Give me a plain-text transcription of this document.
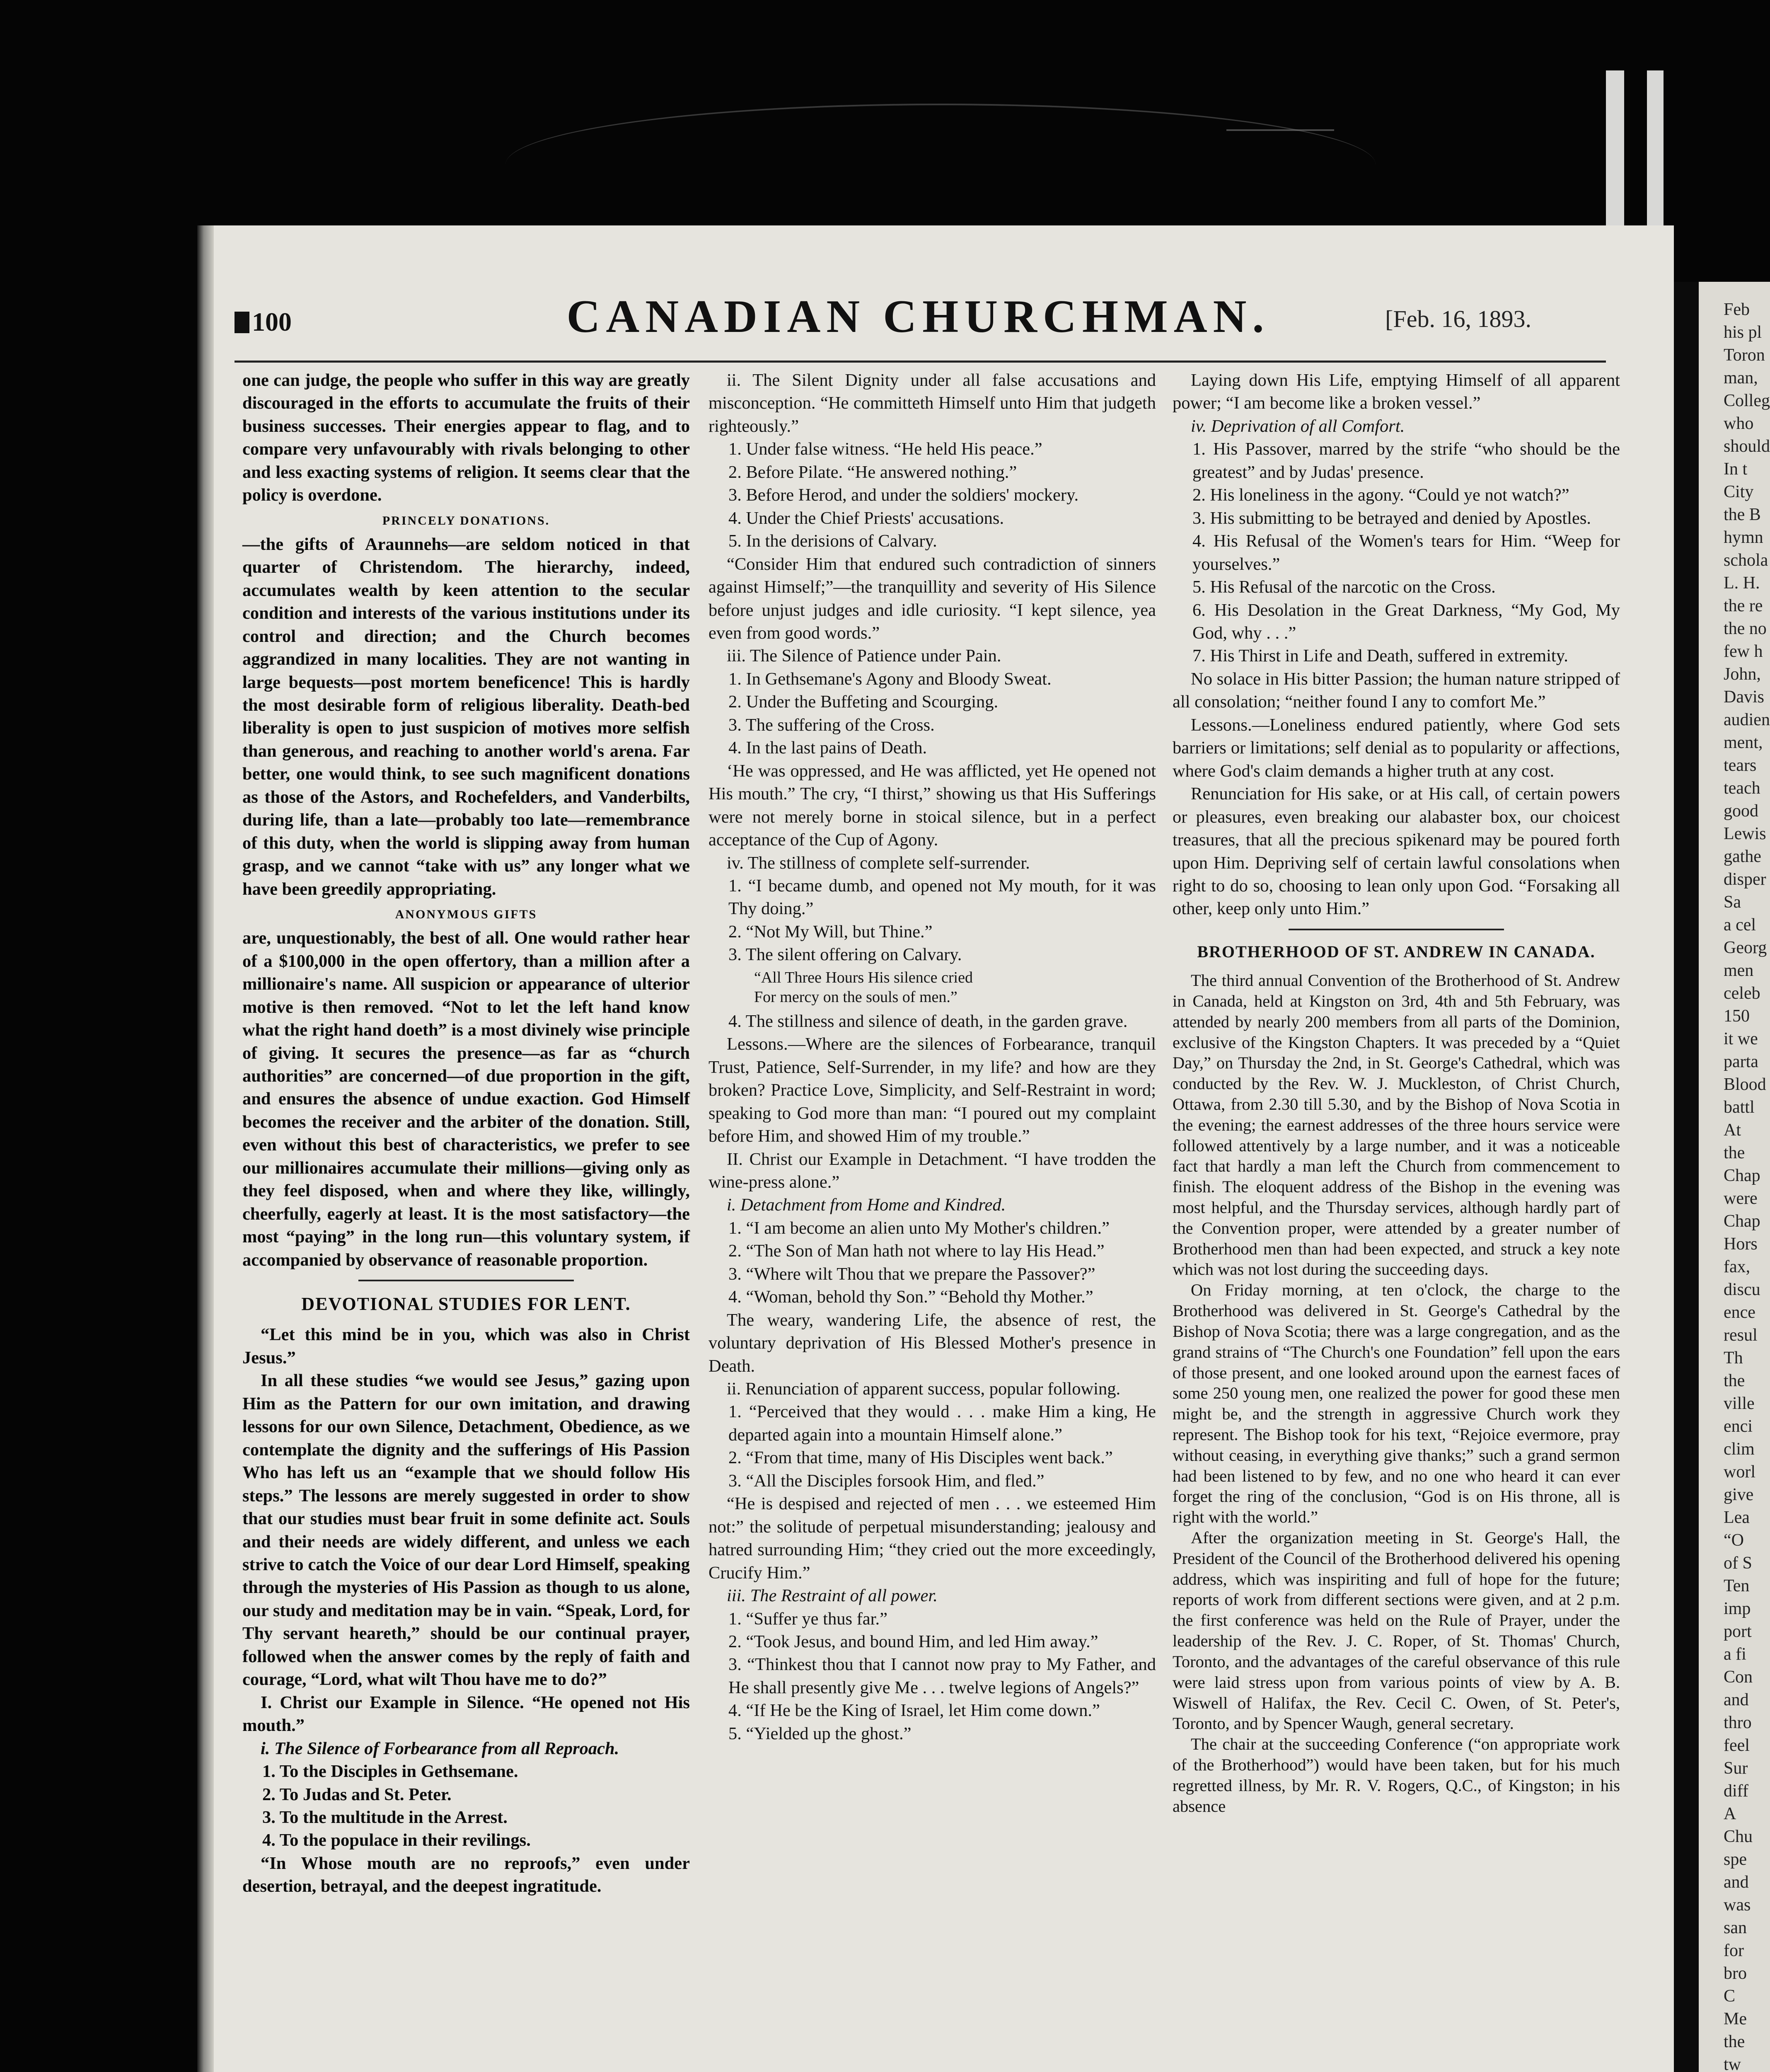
100	CANADIAN CHURCHMAN.	[Feb. 16, 1893.

one can judge, the people who suffer in this way are greatly discouraged in the efforts to accumulate the fruits of their business successes. Their energies appear to flag, and to compare very unfavourably with rivals belonging to other and less exacting systems of religion. It seems clear that the policy is overdone.

PRINCELY DONATIONS.

—the gifts of Araunnehs—are seldom noticed in that quarter of Christendom. The hierarchy, indeed, accumulates wealth by keen attention to the secular condition and interests of the various institutions under its control and direction; and the Church becomes aggrandized in many localities. They are not wanting in large bequests—post mortem beneficence! This is hardly the most desirable form of religious liberality. Death-bed liberality is open to just suspicion of motives more selfish than generous, and reaching to another world's arena. Far better, one would think, to see such magnificent donations as those of the Astors, and Rochefelders, and Vanderbilts, during life, than a late—probably too late—remembrance of this duty, when the world is slipping away from human grasp, and we cannot “take with us” any longer what we have been greedily appropriating.

ANONYMOUS GIFTS

are, unquestionably, the best of all. One would rather hear of a $100,000 in the open offertory, than a million after a millionaire's name. All suspicion or appearance of ulterior motive is then removed. “Not to let the left hand know what the right hand doeth” is a most divinely wise principle of giving. It secures the presence—as far as “church authorities” are concerned—of due proportion in the gift, and ensures the absence of undue exaction. God Himself becomes the receiver and the arbiter of the donation. Still, even without this best of characteristics, we prefer to see our millionaires accumulate their millions—giving only as they feel disposed, when and where they like, willingly, cheerfully, eagerly at least. It is the most satisfactory—the most “paying” in the long run—this voluntary system, if accompanied by observance of reasonable proportion.

DEVOTIONAL STUDIES FOR LENT.

“Let this mind be in you, which was also in Christ Jesus.”

In all these studies “we would see Jesus,” gazing upon Him as the Pattern for our own imitation, and drawing lessons for our own Silence, Detachment, Obedience, as we contemplate the dignity and the sufferings of His Passion Who has left us an “example that we should follow His steps.” The lessons are merely suggested in order to show that our studies must bear fruit in some definite act. Souls and their needs are widely different, and unless we each strive to catch the Voice of our dear Lord Himself, speaking through the mysteries of His Passion as though to us alone, our study and meditation may be in vain. “Speak, Lord, for Thy servant heareth,” should be our continual prayer, followed when the answer comes by the reply of faith and courage, “Lord, what wilt Thou have me to do?”

I. Christ our Example in Silence. “He opened not His mouth.”

i. The Silence of Forbearance from all Reproach.

1. To the Disciples in Gethsemane.

2. To Judas and St. Peter.

3. To the multitude in the Arrest.

4. To the populace in their revilings.

“In Whose mouth are no reproofs,” even under desertion, betrayal, and the deepest ingratitude.

ii. The Silent Dignity under all false accusations and misconception. “He committeth Himself unto Him that judgeth righteously.”

1. Under false witness. “He held His peace.”

2. Before Pilate. “He answered nothing.”

3. Before Herod, and under the soldiers' mockery.

4. Under the Chief Priests' accusations.

5. In the derisions of Calvary.

“Consider Him that endured such contradiction of sinners against Himself;”—the tranquillity and severity of His Silence before unjust judges and idle curiosity. “I kept silence, yea even from good words.”

iii. The Silence of Patience under Pain.

1. In Gethsemane's Agony and Bloody Sweat.

2. Under the Buffeting and Scourging.

3. The suffering of the Cross.

4. In the last pains of Death.

‘He was oppressed, and He was afflicted, yet He opened not His mouth.” The cry, “I thirst,” showing us that His Sufferings were not merely borne in stoical silence, but in a perfect acceptance of the Cup of Agony.

iv. The stillness of complete self-surrender.

1. “I became dumb, and opened not My mouth, for it was Thy doing.”

2. “Not My Will, but Thine.”

3. The silent offering on Calvary.

“All Three Hours His silence cried
For mercy on the souls of men.”

4. The stillness and silence of death, in the garden grave.

Lessons.—Where are the silences of Forbearance, tranquil Trust, Patience, Self-Surrender, in my life? and how are they broken? Practice Love, Simplicity, and Self-Restraint in word; speaking to God more than man: “I poured out my complaint before Him, and showed Him of my trouble.”

II. Christ our Example in Detachment. “I have trodden the wine-press alone.”

i. Detachment from Home and Kindred.

1. “I am become an alien unto My Mother's children.”

2. “The Son of Man hath not where to lay His Head.”

3. “Where wilt Thou that we prepare the Passover?”

4. “Woman, behold thy Son.” “Behold thy Mother.”

The weary, wandering Life, the absence of rest, the voluntary deprivation of His Blessed Mother's presence in Death.

ii. Renunciation of apparent success, popular following.

1. “Perceived that they would . . . make Him a king, He departed again into a mountain Himself alone.”

2. “From that time, many of His Disciples went back.”

3. “All the Disciples forsook Him, and fled.”

“He is despised and rejected of men . . . we esteemed Him not:” the solitude of perpetual misunderstanding; jealousy and hatred surrounding Him; “they cried out the more exceedingly, Crucify Him.”

iii. The Restraint of all power.

1. “Suffer ye thus far.”

2. “Took Jesus, and bound Him, and led Him away.”

3. “Thinkest thou that I cannot now pray to My Father, and He shall presently give Me . . . twelve legions of Angels?”

4. “If He be the King of Israel, let Him come down.”

5. “Yielded up the ghost.”

Laying down His Life, emptying Himself of all apparent power; “I am become like a broken vessel.”

iv. Deprivation of all Comfort.

1. His Passover, marred by the strife “who should be the greatest” and by Judas' presence.

2. His loneliness in the agony. “Could ye not watch?”

3. His submitting to be betrayed and denied by Apostles.

4. His Refusal of the Women's tears for Him. “Weep for yourselves.”

5. His Refusal of the narcotic on the Cross.

6. His Desolation in the Great Darkness, “My God, My God, why . . .”

7. His Thirst in Life and Death, suffered in extremity.

No solace in His bitter Passion; the human nature stripped of all consolation; “neither found I any to comfort Me.”

Lessons.—Loneliness endured patiently, where God sets barriers or limitations; self denial as to popularity or affections, where God's claim demands a higher truth at any cost.

Renunciation for His sake, or at His call, of certain powers or pleasures, even breaking our alabaster box, our choicest treasures, that all the precious spikenard may be poured forth upon Him. Depriving self of certain lawful consolations when right to do so, choosing to lean only upon God. “Forsaking all other, keep only unto Him.”

BROTHERHOOD OF ST. ANDREW IN CANADA.

The third annual Convention of the Brotherhood of St. Andrew in Canada, held at Kingston on 3rd, 4th and 5th February, was attended by nearly 200 members from all parts of the Dominion, exclusive of the Kingston Chapters. It was preceded by a “Quiet Day,” on Thursday the 2nd, in St. George's Cathedral, which was conducted by the Rev. W. J. Muckleston, of Christ Church, Ottawa, from 2.30 till 5.30, and by the Bishop of Nova Scotia in the evening; the earnest addresses of the three hours service were followed attentively by a large number, and it was a noticeable fact that hardly a man left the Church from commencement to finish. The eloquent address of the Bishop in the evening was most helpful, and the Thursday services, although hardly part of the Convention proper, were attended by a greater number of Brotherhood men than had been expected, and struck a key note which was not lost during the succeeding days.

On Friday morning, at ten o'clock, the charge to the Brotherhood was delivered in St. George's Cathedral by the Bishop of Nova Scotia; there was a large congregation, and as the grand strains of “The Church's one Foundation” fell upon the ears of those present, and one looked around upon the earnest faces of some 250 young men, one realized the power for good these men might be, and the strength in aggressive Church work they represent. The Bishop took for his text, “Rejoice evermore, pray without ceasing, in everything give thanks;” such a grand sermon had been listened to by few, and no one who heard it can ever forget the ring of the conclusion, “God is on His throne, all is right with the world.”

After the organization meeting in St. George's Hall, the President of the Council of the Brotherhood delivered his opening address, which was inspiriting and full of hope for the future; reports of work from different sections were given, and at 2 p.m. the first conference was held on the Rule of Prayer, under the leadership of the Rev. J. C. Roper, of St. Thomas' Church, Toronto, and the advantages of the careful observance of this rule were laid stress upon from various points of view by A. B. Wiswell of Halifax, the Rev. Cecil C. Owen, of St. Peter's, Toronto, and by Spencer Waugh, general secretary.

The chair at the succeeding Conference (“on appropriate work of the Brotherhood”) would have been taken, but for his much regretted illness, by Mr. R. V. Rogers, Q.C., of Kingston; in his absence

Feb
his pl
Toron
man,
Colleg
who
should
In t
City
the B
hymn
schola
L. H.
the re
the no
few h
John,
Davis
audien
ment,
tears
teach
good
Lewis
gathe
disper
Sa
a cel
Georg
men
celeb
150
it we
parta
Blood
battl
At
the
Chap
were
Chap
Hors
fax,
discu
ence
resul
Th
the
ville
enci
clim
worl
give
Lea
“O
of S
Ten
imp
port
a fi
Con
and
thro
feel
Sur
diff
A
Chu
spe
and
was
san
for
bro
C
Me
the
tw
